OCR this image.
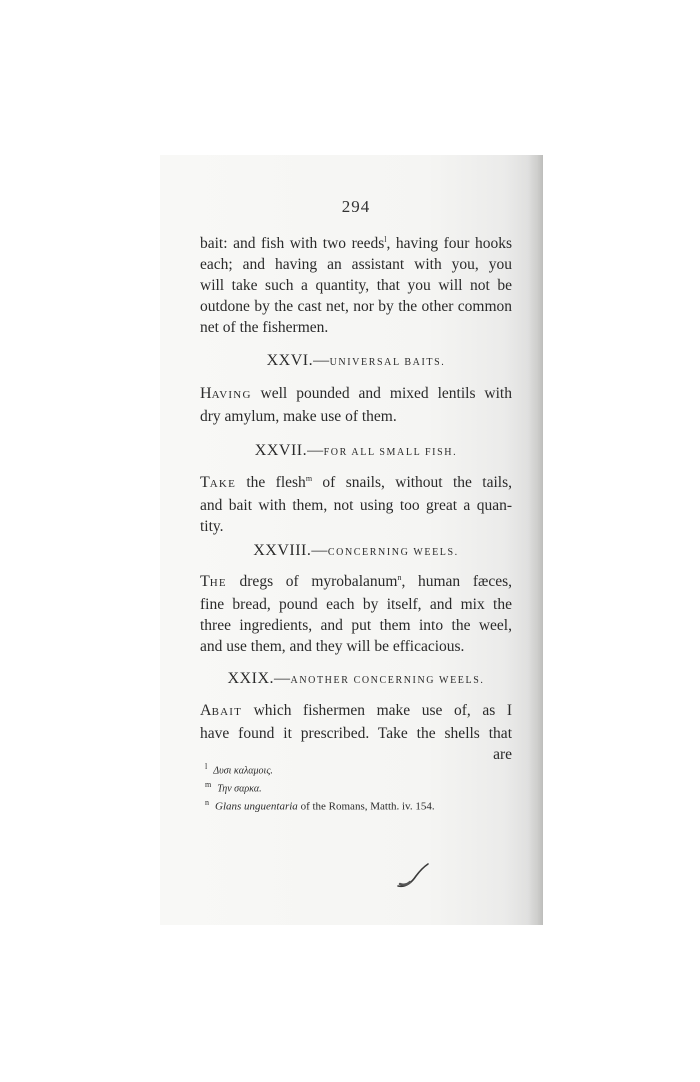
294
bait: and fish with two reeds$^l$, having four hooks
each; and having an assistant with you, you
will take such a quantity, that you will not be
outdone by the cast net, nor by the other common
net of the fishermen.
XXVI.—UNIVERSAL BAITS.
HAVING well pounded and mixed lentils with
dry amylum, make use of them.
XXVII.—FOR ALL SMALL FISH.
TAKE the flesh$^m$ of snails, without the tails,
and bait with them, not using too great a quan-
tity.
XXVIII.—CONCERNING WEELS.
THE dregs of myrobalanum$^n$, human fæces,
fine bread, pound each by itself, and mix the
three ingredients, and put them into the weel,
and use them, and they will be efficacious.
XXIX.—ANOTHER CONCERNING WEELS.
ABAIT which fishermen make use of, as I
have found it prescribed. Take the shells that
are
$^l$ Δυσι καλαμοις.
$^m$ Την σαρκα.
$^n$ Glans unguentaria of the Romans, Matth. iv. 154.
